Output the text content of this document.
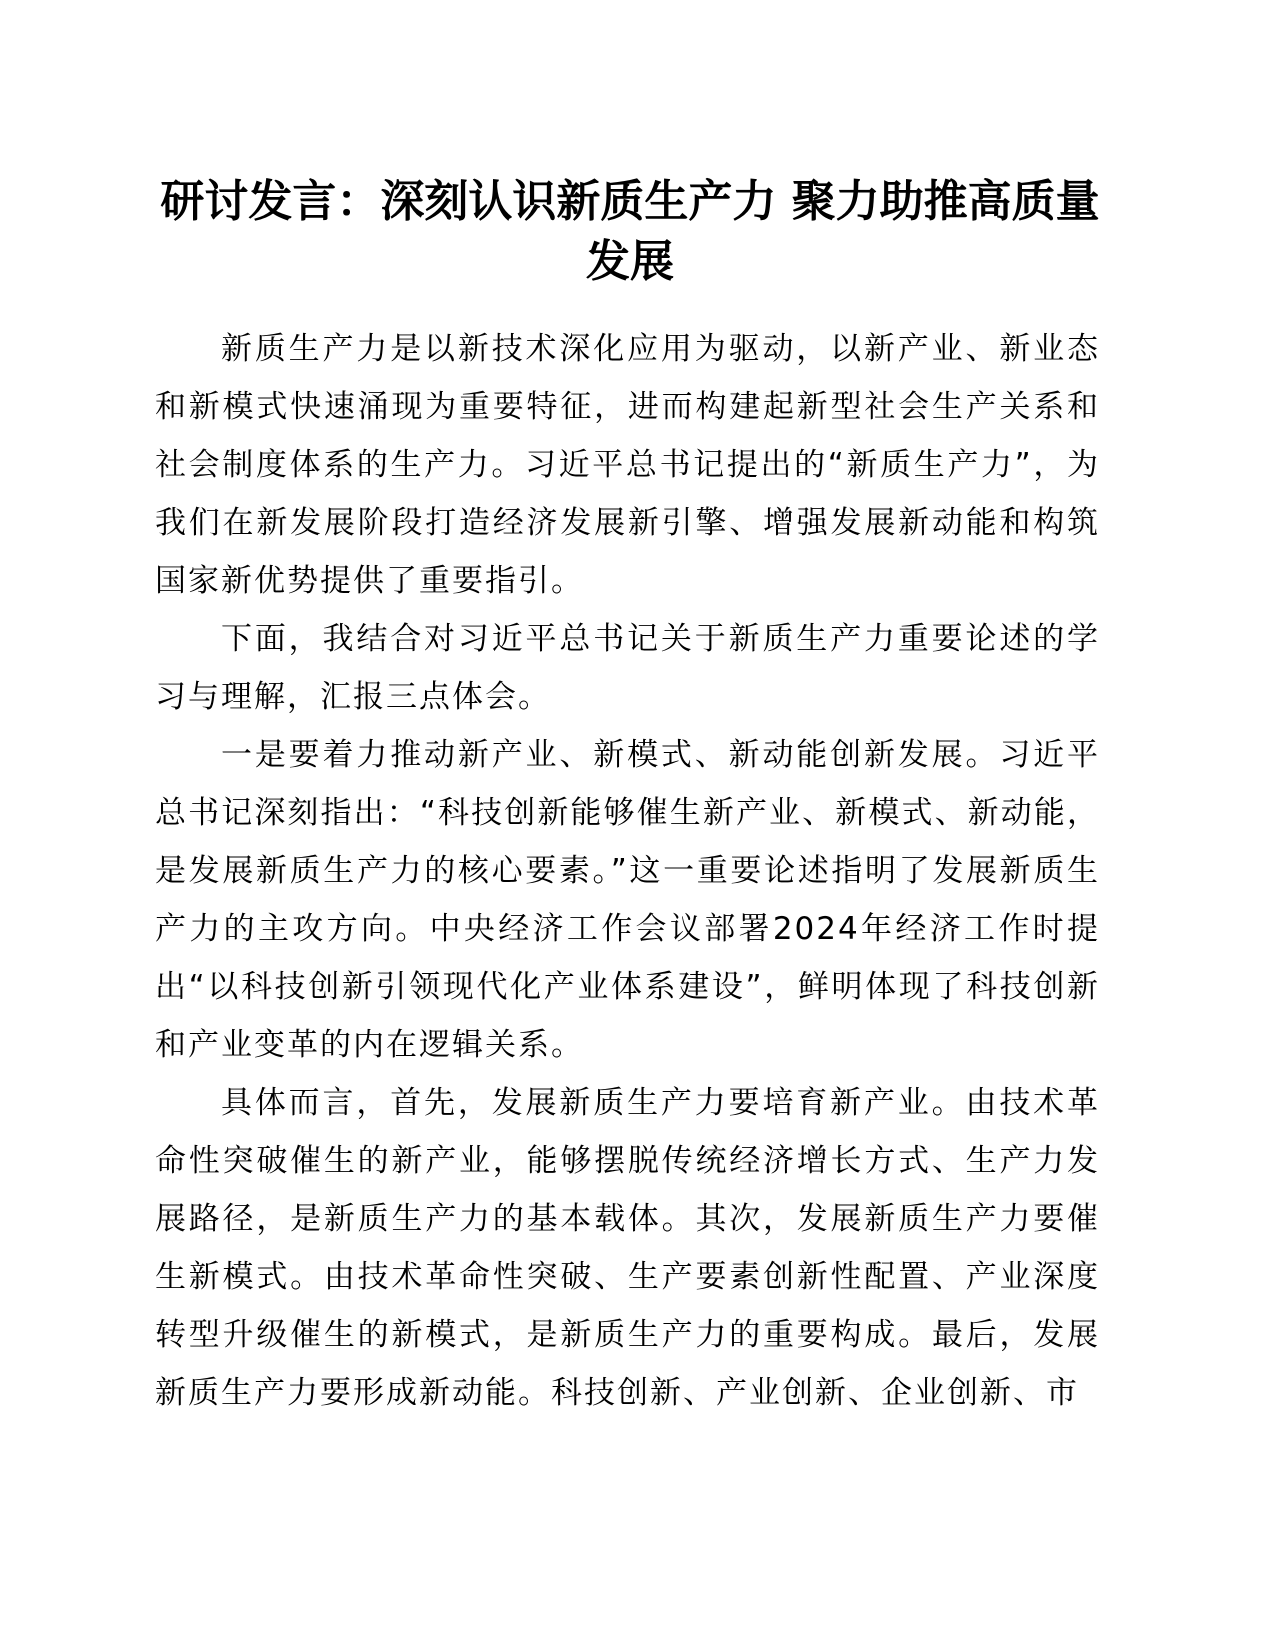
研讨发言：深刻认识新质生产力 聚力助推高质量发展

新质生产力是以新技术深化应用为驱动，以新产业、新业态和新模式快速涌现为重要特征，进而构建起新型社会生产关系和社会制度体系的生产力。习近平总书记提出的“新质生产力”，为我们在新发展阶段打造经济发展新引擎、增强发展新动能和构筑国家新优势提供了重要指引。

下面，我结合对习近平总书记关于新质生产力重要论述的学习与理解，汇报三点体会。

一是要着力推动新产业、新模式、新动能创新发展。习近平总书记深刻指出：“科技创新能够催生新产业、新模式、新动能，是发展新质生产力的核心要素。”这一重要论述指明了发展新质生产力的主攻方向。中央经济工作会议部署2024年经济工作时提出“以科技创新引领现代化产业体系建设”，鲜明体现了科技创新和产业变革的内在逻辑关系。

具体而言，首先，发展新质生产力要培育新产业。由技术革命性突破催生的新产业，能够摆脱传统经济增长方式、生产力发展路径，是新质生产力的基本载体。其次，发展新质生产力要催生新模式。由技术革命性突破、生产要素创新性配置、产业深度转型升级催生的新模式，是新质生产力的重要构成。最后，发展新质生产力要形成新动能。科技创新、产业创新、企业创新、市
